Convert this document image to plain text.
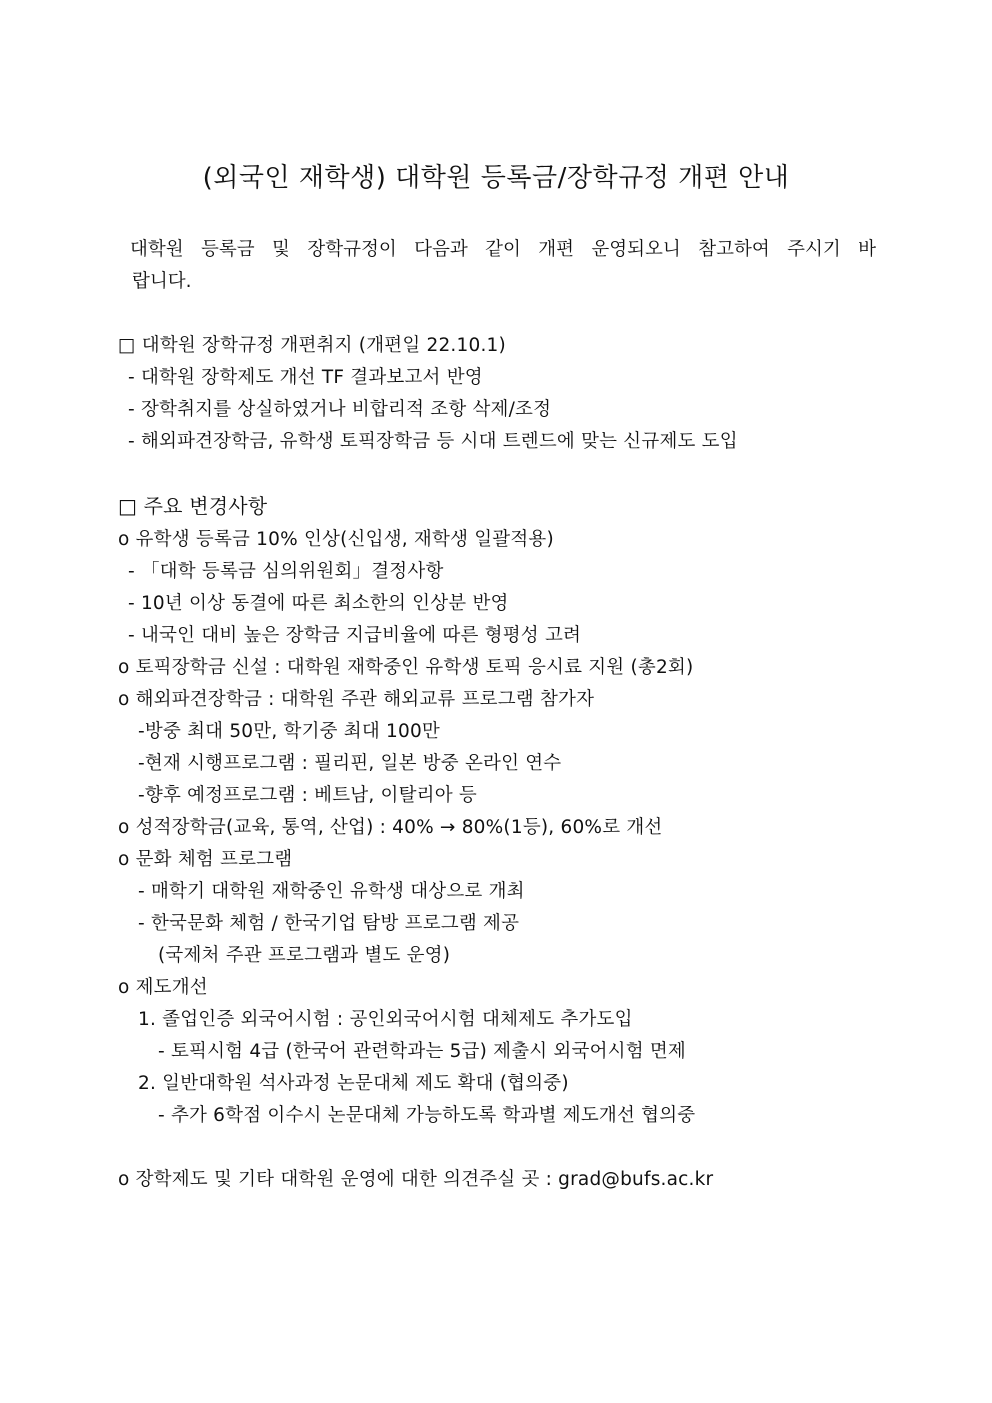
(외국인 재학생) 대학원 등록금/장학규정 개편 안내
대학원 등록금 및 장학규정이 다음과 같이 개편 운영되오니 참고하여 주시기 바
랍니다.
□ 대학원 장학규정 개편취지 (개편일 22.10.1)
- 대학원 장학제도 개선 TF 결과보고서 반영
- 장학취지를 상실하였거나 비합리적 조항 삭제/조정
- 해외파견장학금, 유학생 토픽장학금 등 시대 트렌드에 맞는 신규제도 도입
□ 주요 변경사항
o 유학생 등록금 10% 인상(신입생, 재학생 일괄적용)
- 「대학 등록금 심의위원회」결정사항
- 10년 이상 동결에 따른 최소한의 인상분 반영
- 내국인 대비 높은 장학금 지급비율에 따른 형평성 고려
o 토픽장학금 신설 : 대학원 재학중인 유학생 토픽 응시료 지원 (총2회)
o 해외파견장학금 : 대학원 주관 해외교류 프로그램 참가자
-방중 최대 50만, 학기중 최대 100만
-현재 시행프로그램 : 필리핀, 일본 방중 온라인 연수
-향후 예정프로그램 : 베트남, 이탈리아 등
o 성적장학금(교육, 통역, 산업) : 40% → 80%(1등), 60%로 개선
o 문화 체험 프로그램
- 매학기 대학원 재학중인 유학생 대상으로 개최
- 한국문화 체험 / 한국기업 탐방 프로그램 제공
(국제처 주관 프로그램과 별도 운영)
o 제도개선
1. 졸업인증 외국어시험 : 공인외국어시험 대체제도 추가도입
- 토픽시험 4급 (한국어 관련학과는 5급) 제출시 외국어시험 면제
2. 일반대학원 석사과정 논문대체 제도 확대 (협의중)
- 추가 6학점 이수시 논문대체 가능하도록 학과별 제도개선 협의중
o 장학제도 및 기타 대학원 운영에 대한 의견주실 곳 : grad@bufs.ac.kr
